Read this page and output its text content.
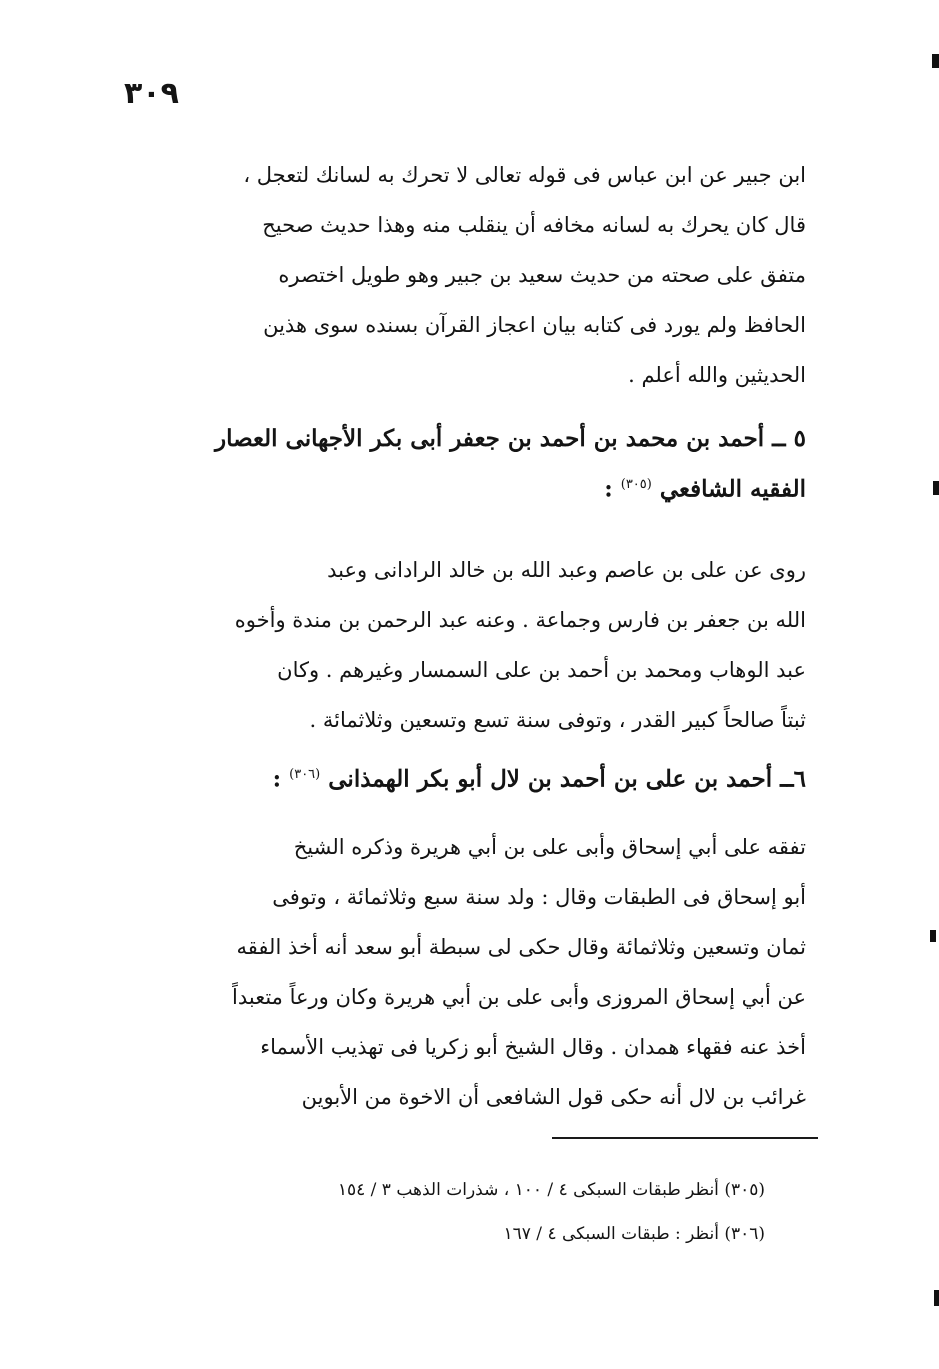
٣٠٩

ابن جبير عن ابن عباس فى قوله تعالى لا تحرك به لسانك لتعجل ،

قال كان يحرك به لسانه مخافه أن ينقلب منه وهذا حديث صحيح

متفق على صحته من حديث سعيد بن جبير وهو طويل اختصره

الحافظ ولم يورد فى كتابه بيان اعجاز القرآن بسنده سوى هذين

الحديثين والله أعلم .

٥ ــ أحمد بن محمد بن أحمد بن جعفر أبى بكر الأجهانى العصار
الفقيه الشافعي $^{(٣٠٥)}$ :

روى عن على بن عاصم وعبد الله بن خالد الرادانى وعبد

الله بن جعفر بن فارس وجماعة . وعنه عبد الرحمن بن مندة وأخوه

عبد الوهاب ومحمد بن أحمد بن على السمسار وغيرهم . وكان

ثبتاً صالحاً كبير القدر ، وتوفى سنة تسع وتسعين وثلاثمائة .

٦ــ أحمد بن على بن أحمد بن لال أبو بكر الهمذانى $^{(٣٠٦)}$ :

تفقه على أبي إسحاق وأبى على بن أبي هريرة وذكره الشيخ

أبو إسحاق فى الطبقات وقال : ولد سنة سبع وثلاثمائة ، وتوفى

ثمان وتسعين وثلاثمائة وقال حكى لى سبطة أبو سعد أنه أخذ الفقه

عن أبي إسحاق المروزى وأبى على بن أبي هريرة وكان ورعاً متعبداً

أخذ عنه فقهاء همدان . وقال الشيخ أبو زكريا فى تهذيب الأسماء

غرائب بن لال أنه حكى قول الشافعى أن الاخوة من الأبوين

(٣٠٥) أنظر طبقات السبكى ٤ / ١٠٠ ، شذرات الذهب ٣ / ١٥٤

(٣٠٦) أنظر : طبقات السبكى ٤ / ١٦٧
